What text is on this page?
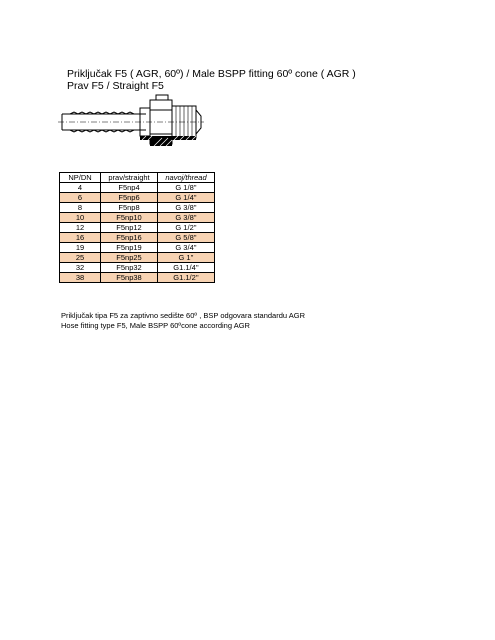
Priključak F5 ( AGR, 60º) / Male BSPP fitting 60º cone ( AGR )
Prav F5 / Straight F5
NP/DN	prav/straight	navoj/thread
4	F5np4	G 1/8''
6	F5np6	G 1/4''
8	F5np8	G 3/8''
10	F5np10	G 3/8''
12	F5np12	G 1/2''
16	F5np16	G 5/8''
19	F5np19	G 3/4''
25	F5np25	G 1''
32	F5np32	G1.1/4''
38	F5np38	G1.1/2''
Priključak tipa F5 za zaptivno sedište 60º , BSP odgovara standardu AGR
Hose fitting type F5, Male BSPP 60ºcone according AGR
